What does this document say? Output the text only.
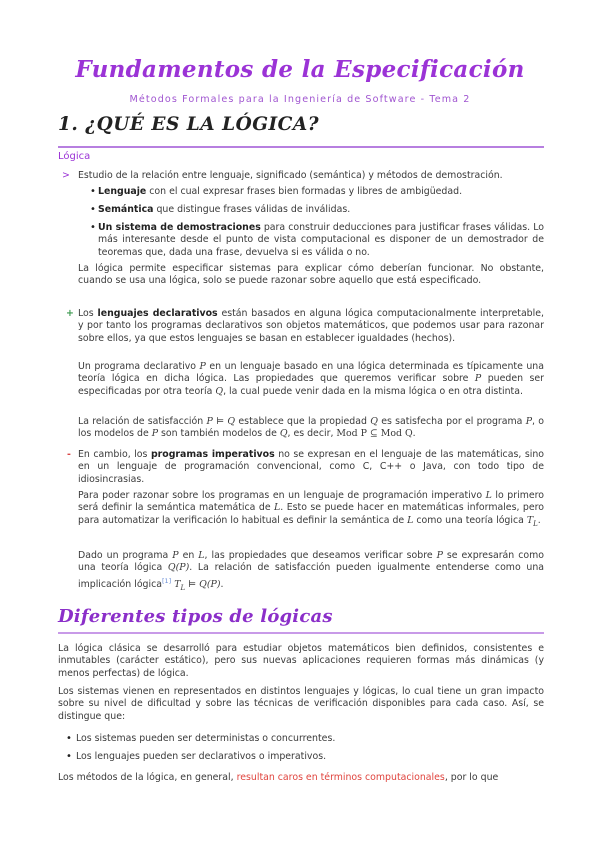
Fundamentos de la Especificación
Métodos Formales para la Ingeniería de Software - Tema 2
1. ¿QUÉ ES LA LÓGICA?
Lógica
> Estudio de la relación entre lenguaje, significado (semántica) y métodos de demostración.

• Lenguaje con el cual expresar frases bien formadas y libres de ambigüedad.

• Semántica que distingue frases válidas de inválidas.

• Un sistema de demostraciones para construir deducciones para justificar frases válidas. Lo más interesante desde el punto de vista computacional es disponer de un demostrador de teoremas que, dada una frase, devuelva si es válida o no.

La lógica permite especificar sistemas para explicar cómo deberían funcionar. No obstante, cuando se usa una lógica, solo se puede razonar sobre aquello que está especificado.

+ Los lenguajes declarativos están basados en alguna lógica computacionalmente interpretable, y por tanto los programas declarativos son objetos matemáticos, que podemos usar para razonar sobre ellos, ya que estos lenguajes se basan en establecer igualdades (hechos).

Un programa declarativo P en un lenguaje basado en una lógica determinada es típicamente una teoría lógica en dicha lógica. Las propiedades que queremos verificar sobre P pueden ser especificadas por otra teoría Q, la cual puede venir dada en la misma lógica o en otra distinta.

La relación de satisfacción P ⊨ Q establece que la propiedad Q es satisfecha por el programa P, o los modelos de P son también modelos de Q, es decir, Mod P ⊆ Mod Q.

- En cambio, los programas imperativos no se expresan en el lenguaje de las matemáticas, sino en un lenguaje de programación convencional, como C, C++ o Java, con todo tipo de idiosincrasias.

Para poder razonar sobre los programas en un lenguaje de programación imperativo L lo primero será definir la semántica matemática de L. Esto se puede hacer en matemáticas informales, pero para automatizar la verificación lo habitual es definir la semántica de L como una teoría lógica $T_L$.

Dado un programa P en L, las propiedades que deseamos verificar sobre P se expresarán como una teoría lógica Q(P). La relación de satisfacción pueden igualmente entenderse como una implicación lógica[1] $T_L$ ⊨ Q(P).

Diferentes tipos de lógicas

La lógica clásica se desarrolló para estudiar objetos matemáticos bien definidos, consistentes e inmutables (carácter estático), pero sus nuevas aplicaciones requieren formas más dinámicas (y menos perfectas) de lógica.

Los sistemas vienen en representados en distintos lenguajes y lógicas, lo cual tiene un gran impacto sobre su nivel de dificultad y sobre las técnicas de verificación disponibles para cada caso. Así, se distingue que:

• Los sistemas pueden ser deterministas o concurrentes.

• Los lenguajes pueden ser declarativos o imperativos.

Los métodos de la lógica, en general, resultan caros en términos computacionales, por lo que
